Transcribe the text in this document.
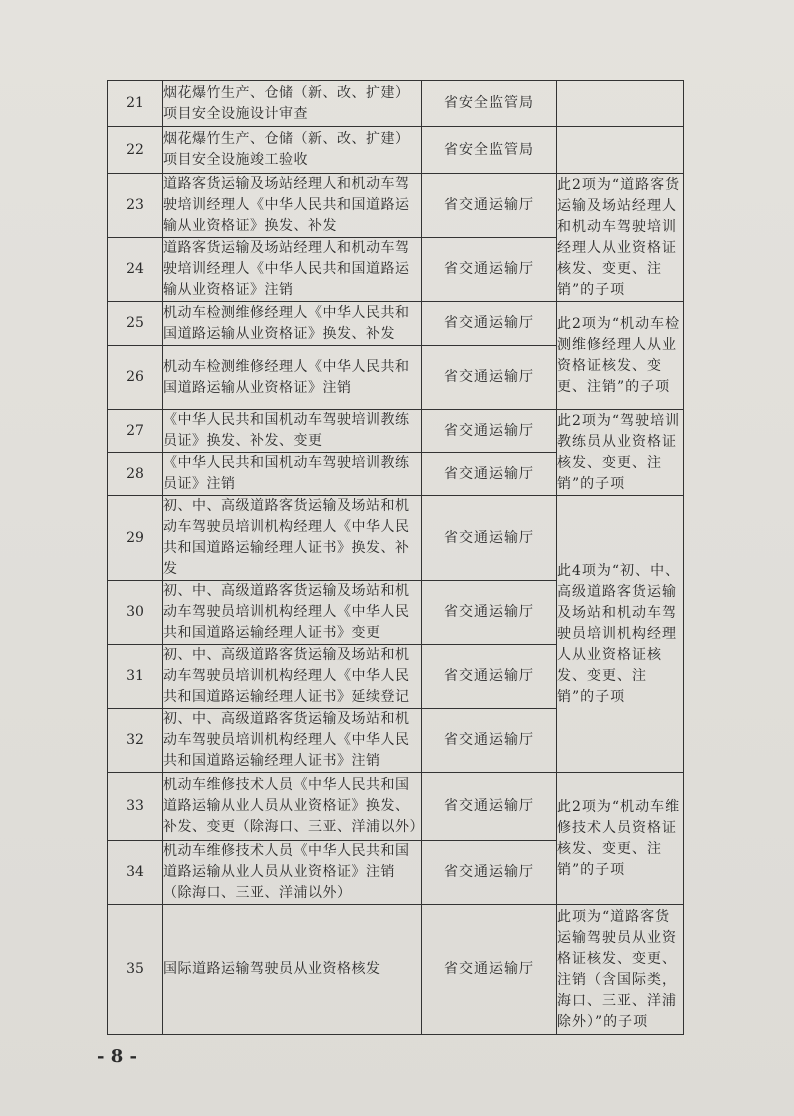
21	烟花爆竹生产、仓储（新、改、扩建）项目安全设施设计审查	省安全监管局	
22	烟花爆竹生产、仓储（新、改、扩建）项目安全设施竣工验收	省安全监管局	
23	道路客货运输及场站经理人和机动车驾驶培训经理人《中华人民共和国道路运输从业资格证》换发、补发	省交通运输厅	此2项为“道路客货运输及场站经理人和机动车驾驶培训经理人从业资格证核发、变更、注销”的子项
24	道路客货运输及场站经理人和机动车驾驶培训经理人《中华人民共和国道路运输从业资格证》注销	省交通运输厅	
25	机动车检测维修经理人《中华人民共和国道路运输从业资格证》换发、补发	省交通运输厅	此2项为“机动车检测维修经理人从业资格证核发、变更、注销”的子项
26	机动车检测维修经理人《中华人民共和国道路运输从业资格证》注销	省交通运输厅	
27	《中华人民共和国机动车驾驶培训教练员证》换发、补发、变更	省交通运输厅	此2项为“驾驶培训教练员从业资格证核发、变更、注销”的子项
28	《中华人民共和国机动车驾驶培训教练员证》注销	省交通运输厅	
29	初、中、高级道路客货运输及场站和机动车驾驶员培训机构经理人《中华人民共和国道路运输经理人证书》换发、补发	省交通运输厅	此4项为“初、中、高级道路客货运输及场站和机动车驾驶员培训机构经理人从业资格证核发、变更、注销”的子项
30	初、中、高级道路客货运输及场站和机动车驾驶员培训机构经理人《中华人民共和国道路运输经理人证书》变更	省交通运输厅	
31	初、中、高级道路客货运输及场站和机动车驾驶员培训机构经理人《中华人民共和国道路运输经理人证书》延续登记	省交通运输厅	
32	初、中、高级道路客货运输及场站和机动车驾驶员培训机构经理人《中华人民共和国道路运输经理人证书》注销	省交通运输厅	
33	机动车维修技术人员《中华人民共和国道路运输从业人员从业资格证》换发、补发、变更（除海口、三亚、洋浦以外）	省交通运输厅	此2项为“机动车维修技术人员资格证核发、变更、注销”的子项
34	机动车维修技术人员《中华人民共和国道路运输从业人员从业资格证》注销（除海口、三亚、洋浦以外）	省交通运输厅	
35	国际道路运输驾驶员从业资格核发	省交通运输厅	此项为“道路客货运输驾驶员从业资格证核发、变更、注销（含国际类，海口、三亚、洋浦除外）”的子项
- 8 -
